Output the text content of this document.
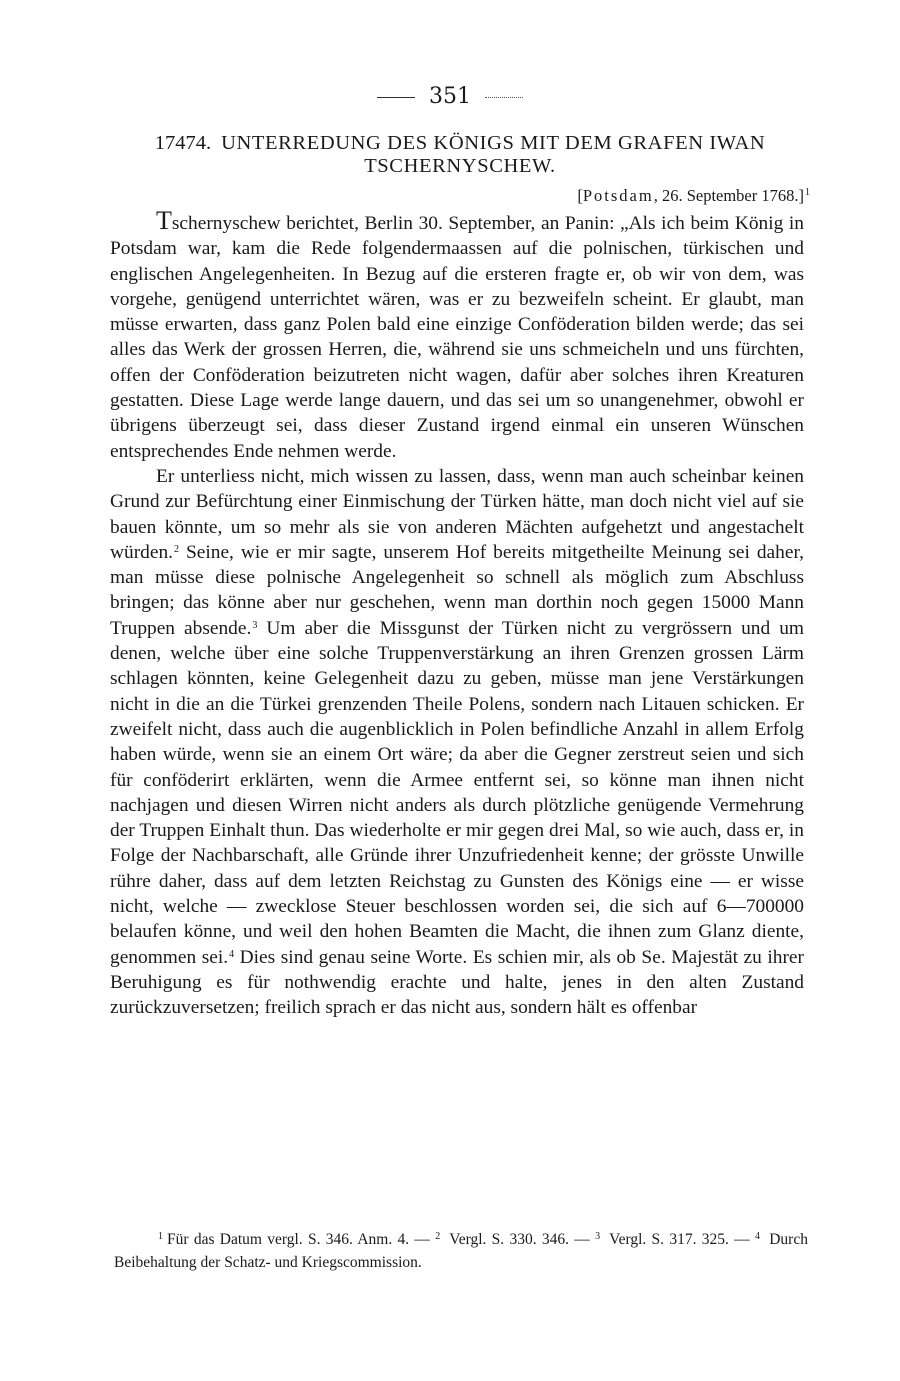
351
17474. UNTERREDUNG DES KÖNIGS MIT DEM GRAFEN IWAN TSCHERNYSCHEW.
[Potsdam, 26. September 1768.]$^1$

Tschernyschew berichtet, Berlin 30. September, an Panin: „Als ich beim König in Potsdam war, kam die Rede folgendermaassen auf die polnischen, türkischen und englischen Angelegenheiten. In Bezug auf die ersteren fragte er, ob wir von dem, was vorgehe, genügend unterrichtet wären, was er zu bezweifeln scheint. Er glaubt, man müsse erwarten, dass ganz Polen bald eine einzige Conföderation bilden werde; das sei alles das Werk der grossen Herren, die, während sie uns schmeicheln und uns fürchten, offen der Conföderation beizutreten nicht wagen, dafür aber solches ihren Kreaturen gestatten. Diese Lage werde lange dauern, und das sei um so unangenehmer, obwohl er übrigens überzeugt sei, dass dieser Zustand irgend einmal ein unseren Wünschen entsprechendes Ende nehmen werde.

Er unterliess nicht, mich wissen zu lassen, dass, wenn man auch scheinbar keinen Grund zur Befürchtung einer Einmischung der Türken hätte, man doch nicht viel auf sie bauen könnte, um so mehr als sie von anderen Mächten aufgehetzt und angestachelt würden.$^2$ Seine, wie er mir sagte, unserem Hof bereits mitgetheilte Meinung sei daher, man müsse diese polnische Angelegenheit so schnell als möglich zum Abschluss bringen; das könne aber nur geschehen, wenn man dorthin noch gegen 15000 Mann Truppen absende.$^3$ Um aber die Missgunst der Türken nicht zu vergrössern und um denen, welche über eine solche Truppenverstärkung an ihren Grenzen grossen Lärm schlagen könnten, keine Gelegenheit dazu zu geben, müsse man jene Verstärkungen nicht in die an die Türkei grenzenden Theile Polens, sondern nach Litauen schicken. Er zweifelt nicht, dass auch die augenblicklich in Polen befindliche Anzahl in allem Erfolg haben würde, wenn sie an einem Ort wäre; da aber die Gegner zerstreut seien und sich für conföderirt erklärten, wenn die Armee entfernt sei, so könne man ihnen nicht nachjagen und diesen Wirren nicht anders als durch plötzliche genügende Vermehrung der Truppen Einhalt thun. Das wiederholte er mir gegen drei Mal, so wie auch, dass er, in Folge der Nachbarschaft, alle Gründe ihrer Unzufriedenheit kenne; der grösste Unwille rühre daher, dass auf dem letzten Reichstag zu Gunsten des Königs eine — er wisse nicht, welche — zwecklose Steuer beschlossen worden sei, die sich auf 6—700000 belaufen könne, und weil den hohen Beamten die Macht, die ihnen zum Glanz diente, genommen sei.$^4$ Dies sind genau seine Worte. Es schien mir, als ob Se. Majestät zu ihrer Beruhigung es für nothwendig erachte und halte, jenes in den alten Zustand zurückzuversetzen; freilich sprach er das nicht aus, sondern hält es offenbar

$^1$ Für das Datum vergl. S. 346. Anm. 4. — $^2$ Vergl. S. 330. 346. — $^3$ Vergl. S. 317. 325. — $^4$ Durch Beibehaltung der Schatz- und Kriegscommission.
